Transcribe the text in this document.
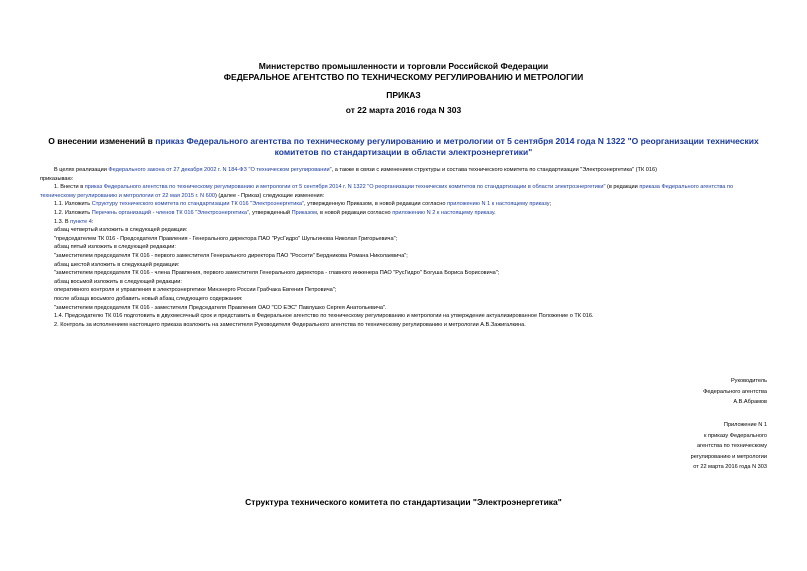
Министерство промышленности и торговли Российской Федерации
ФЕДЕРАЛЬНОЕ АГЕНТСТВО ПО ТЕХНИЧЕСКОМУ РЕГУЛИРОВАНИЮ И МЕТРОЛОГИИ
ПРИКАЗ
от 22 марта 2016 года N 303
О внесении изменений в приказ Федерального агентства по техническому регулированию и метрологии от 5 сентября 2014 года N 1322 "О реорганизации технических комитетов по стандартизации в области электроэнергетики"

В целях реализации Федерального закона от 27 декабря 2002 г. N 184-ФЗ "О техническом регулировании", а также в связи с изменением структуры и состава технического комитета по стандартизации "Электроэнергетика" (ТК 016)

приказываю:

1. Внести в приказ Федерального агентства по техническому регулированию и метрологии от 5 сентября 2014 г. N 1322 "О реорганизации технических комитетов по стандартизации в области электроэнергетики" (в редакции приказа Федерального агентства по техническому регулированию и метрологии от 22 мая 2015 г. N 600) (далее - Приказ) следующие изменения:

1.1. Изложить Структуру технического комитета по стандартизации ТК 016 "Электроэнергетика", утвержденную Приказом, в новой редакции согласно приложению N 1 к настоящему приказу;

1.2. Изложить Перечень организаций - членов ТК 016 "Электроэнергетика", утвержденный Приказом, в новой редакции согласно приложению N 2 к настоящему приказу.

1.3. В пункте 4:

абзац четвертый изложить в следующей редакции:

"председателем ТК 016 - Председателя Правления - Генерального директора ПАО "РусГидро" Шульгинова Николая Григорьевича";

абзац пятый изложить в следующей редакции:

"заместителем председателя ТК 016 - первого заместителя Генерального директора ПАО "Россети" Бердникова Романа Николаевича";

абзац шестой изложить в следующей редакции:

"заместителем председателя ТК 016 - члена Правления, первого заместителя Генерального директора - главного инженера ПАО "РусГидро" Богуша Бориса Борисовича";

абзац восьмой изложить в следующей редакции:

оперативного контроля и управления в электроэнергетике Минэнерго России Грабчака Евгения Петровича";

после абзаца восьмого добавить новый абзац следующего содержания:

"заместителем председателя ТК 016 - заместителя Председателя Правления ОАО "СО ЕЭС" Павлушко Сергея Анатольевича".

1.4. Председателю ТК 016 подготовить в двухмесячный срок и представить в Федеральное агентство по техническому регулированию и метрологии на утверждение актуализированное Положение о ТК 016.

2. Контроль за исполнением настоящего приказа возложить на заместителя Руководителя Федерального агентства по техническому регулированию и метрологии А.В.Зажигалкина.

Руководитель
Федерального агентства
А.В.Абрамов
Приложение N 1
к приказу Федерального
агентства по техническому
регулированию и метрологии
от 22 марта 2016 года N 303
Структура технического комитета по стандартизации "Электроэнергетика"
